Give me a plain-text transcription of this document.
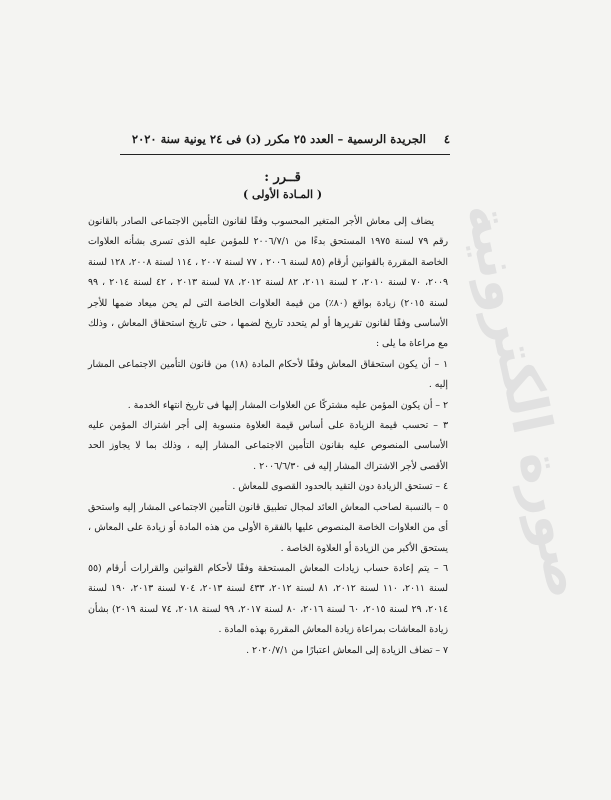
صورة الكترونية
٤
الجريدة الرسمية – العدد ٢٥ مكرر (د) فى ٢٤ يونية سنة ٢٠٢٠
قــرر :
( المـادة الأولى )

يضاف إلى معاش الأجر المتغير المحسوب وفقًا لقانون التأمين الاجتماعى الصادر بالقانون رقم ٧٩ لسنة ١٩٧٥ المستحق بدءًا من ٢٠٠٦/٧/١ للمؤمن عليه الذى تسرى بشأنه العلاوات الخاصة المقررة بالقوانين أرقام (٨٥ لسنة ٢٠٠٦ ، ٧٧ لسنة ٢٠٠٧ ، ١١٤ لسنة ٢٠٠٨، ١٢٨ لسنة ٢٠٠٩، ٧٠ لسنة ٢٠١٠، ٢ لسنة ٢٠١١، ٨٢ لسنة ٢٠١٢، ٧٨ لسنة ٢٠١٣ ، ٤٢ لسنة ٢٠١٤ ، ٩٩ لسنة ٢٠١٥) زيادة بواقع (٨٠٪) من قيمة العلاوات الخاصة التى لم يحن ميعاد ضمها للأجر الأساسى وفقًا لقانون تقريرها أو لم يتحدد تاريخ لضمها ، حتى تاريخ استحقاق المعاش ، وذلك مع مراعاة ما يلى :

١ – أن يكون استحقاق المعاش وفقًا لأحكام المادة (١٨) من قانون التأمين الاجتماعى المشار إليه .

٢ – أن يكون المؤمن عليه مشتركًا عن العلاوات المشار إليها فى تاريخ انتهاء الخدمة .

٣ – تحسب قيمة الزيادة على أساس قيمة العلاوة منسوبة إلى أجر اشتراك المؤمن عليه الأساسى المنصوص عليه بقانون التأمين الاجتماعى المشار إليه ، وذلك بما لا يجاوز الحد الأقصى لأجر الاشتراك المشار إليه فى ٢٠٠٦/٦/٣٠ .

٤ – تستحق الزيادة دون التقيد بالحدود القصوى للمعاش .

٥ – بالنسبة لصاحب المعاش العائد لمجال تطبيق قانون التأمين الاجتماعى المشار إليه واستحق أى من العلاوات الخاصة المنصوص عليها بالفقرة الأولى من هذه المادة أو زيادة على المعاش ، يستحق الأكبر من الزيادة أو العلاوة الخاصة .

٦ – يتم إعادة حساب زيادات المعاش المستحقة وفقًا لأحكام القوانين والقرارات أرقام (٥٥ لسنة ٢٠١١، ١١٠ لسنة ٢٠١٢، ٨١ لسنة ٢٠١٢، ٤٣٣ لسنة ٢٠١٣، ٧٠٤ لسنة ٢٠١٣، ١٩٠ لسنة ٢٠١٤، ٢٩ لسنة ٢٠١٥، ٦٠ لسنة ٢٠١٦، ٨٠ لسنة ٢٠١٧، ٩٩ لسنة ٢٠١٨، ٧٤ لسنة ٢٠١٩) بشأن زيادة المعاشات بمراعاة زيادة المعاش المقررة بهذه المادة .

٧ – تضاف الزيادة إلى المعاش اعتبارًا من ٢٠٢٠/٧/١ .
